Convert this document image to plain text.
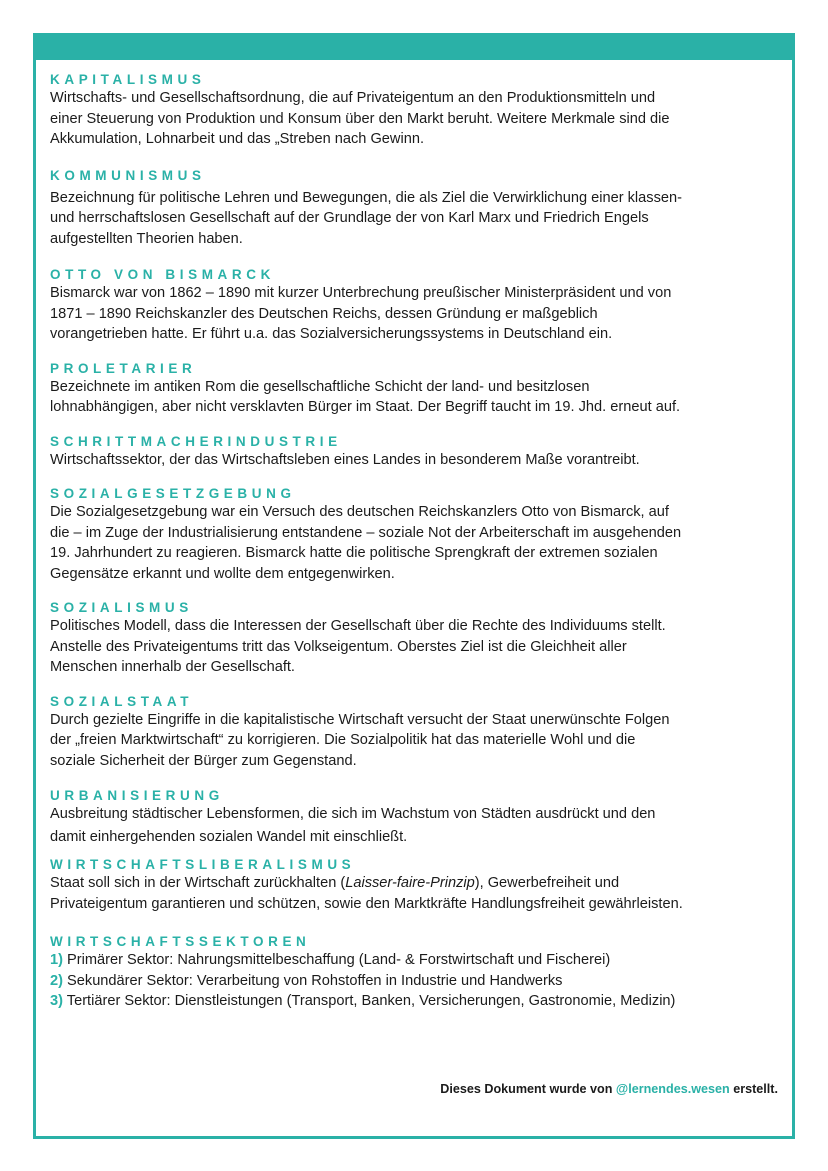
KAPITALISMUS
Wirtschafts- und Gesellschaftsordnung, die auf Privateigentum an den Produktionsmitteln und
einer Steuerung von Produktion und Konsum über den Markt beruht. Weitere Merkmale sind die
Akkumulation, Lohnarbeit und das „Streben nach Gewinn.
KOMMUNISMUS
Bezeichnung für politische Lehren und Bewegungen, die als Ziel die Verwirklichung einer klassen-
und herrschaftslosen Gesellschaft auf der Grundlage der von Karl Marx und Friedrich Engels
aufgestellten Theorien haben.
OTTO VON BISMARCK
Bismarck war von 1862 – 1890 mit kurzer Unterbrechung preußischer Ministerpräsident und von
1871 – 1890 Reichskanzler des Deutschen Reichs, dessen Gründung er maßgeblich
vorangetrieben hatte. Er führt u.a. das Sozialversicherungssystems in Deutschland ein.
PROLETARIER
Bezeichnete im antiken Rom die gesellschaftliche Schicht der land- und besitzlosen
lohnabhängigen, aber nicht versklavten Bürger im Staat. Der Begriff taucht im 19. Jhd. erneut auf.
SCHRITTMACHERINDUSTRIE
Wirtschaftssektor, der das Wirtschaftsleben eines Landes in besonderem Maße vorantreibt.
SOZIALGESETZGEBUNG
Die Sozialgesetzgebung war ein Versuch des deutschen Reichskanzlers Otto von Bismarck, auf
die – im Zuge der Industrialisierung entstandene – soziale Not der Arbeiterschaft im ausgehenden
19. Jahrhundert zu reagieren. Bismarck hatte die politische Sprengkraft der extremen sozialen
Gegensätze erkannt und wollte dem entgegenwirken.
SOZIALISMUS
Politisches Modell, dass die Interessen der Gesellschaft über die Rechte des Individuums stellt.
Anstelle des Privateigentums tritt das Volkseigentum. Oberstes Ziel ist die Gleichheit aller
Menschen innerhalb der Gesellschaft.
SOZIALSTAAT
Durch gezielte Eingriffe in die kapitalistische Wirtschaft versucht der Staat unerwünschte Folgen
der „freien Marktwirtschaft“ zu korrigieren. Die Sozialpolitik hat das materielle Wohl und die
soziale Sicherheit der Bürger zum Gegenstand.
URBANISIERUNG
Ausbreitung städtischer Lebensformen, die sich im Wachstum von Städten ausdrückt und den
damit einhergehenden sozialen Wandel mit einschließt.
WIRTSCHAFTSLIBERALISMUS
Staat soll sich in der Wirtschaft zurückhalten (Laisser-faire-Prinzip), Gewerbefreiheit und
Privateigentum garantieren und schützen, sowie den Marktkräfte Handlungsfreiheit gewährleisten.
WIRTSCHAFTSSEKTOREN
1) Primärer Sektor: Nahrungsmittelbeschaffung (Land- & Forstwirtschaft und Fischerei)
2) Sekundärer Sektor: Verarbeitung von Rohstoffen in Industrie und Handwerks
3) Tertiärer Sektor: Dienstleistungen (Transport, Banken, Versicherungen, Gastronomie, Medizin)
Dieses Dokument wurde von @lernendes.wesen erstellt.
